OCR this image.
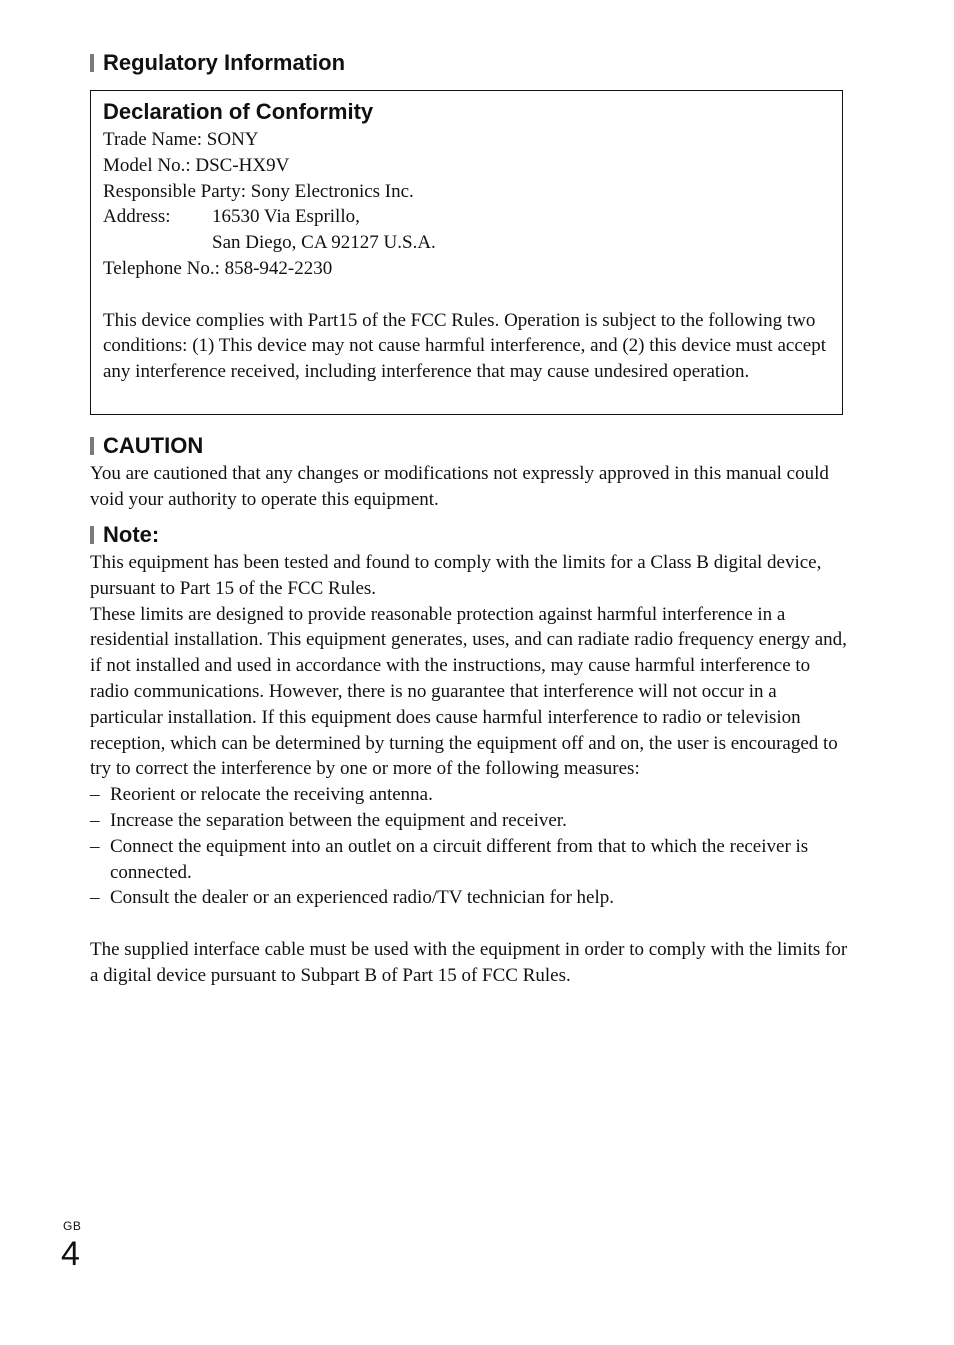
Regulatory Information
Declaration of Conformity
Trade Name: SONY
Model No.: DSC-HX9V
Responsible Party: Sony Electronics Inc.
Address:	16530 Via Esprillo,
San Diego, CA 92127 U.S.A.
Telephone No.: 858-942-2230
This device complies with Part15 of the FCC Rules. Operation is subject to the following two conditions: (1) This device may not cause harmful interference, and (2) this device must accept any interference received, including interference that may cause undesired operation.
CAUTION
You are cautioned that any changes or modifications not expressly approved in this manual could void your authority to operate this equipment.
Note:
This equipment has been tested and found to comply with the limits for a Class B digital device, pursuant to Part 15 of the FCC Rules.
These limits are designed to provide reasonable protection against harmful interference in a residential installation. This equipment generates, uses, and can radiate radio frequency energy and, if not installed and used in accordance with the instructions, may cause harmful interference to radio communications. However, there is no guarantee that interference will not occur in a particular installation. If this equipment does cause harmful interference to radio or television reception, which can be determined by turning the equipment off and on, the user is encouraged to try to correct the interference by one or more of the following measures:
– Reorient or relocate the receiving antenna.
– Increase the separation between the equipment and receiver.
– Connect the equipment into an outlet on a circuit different from that to which the receiver is connected.
– Consult the dealer or an experienced radio/TV technician for help.
The supplied interface cable must be used with the equipment in order to comply with the limits for a digital device pursuant to Subpart B of Part 15 of FCC Rules.
GB
4
